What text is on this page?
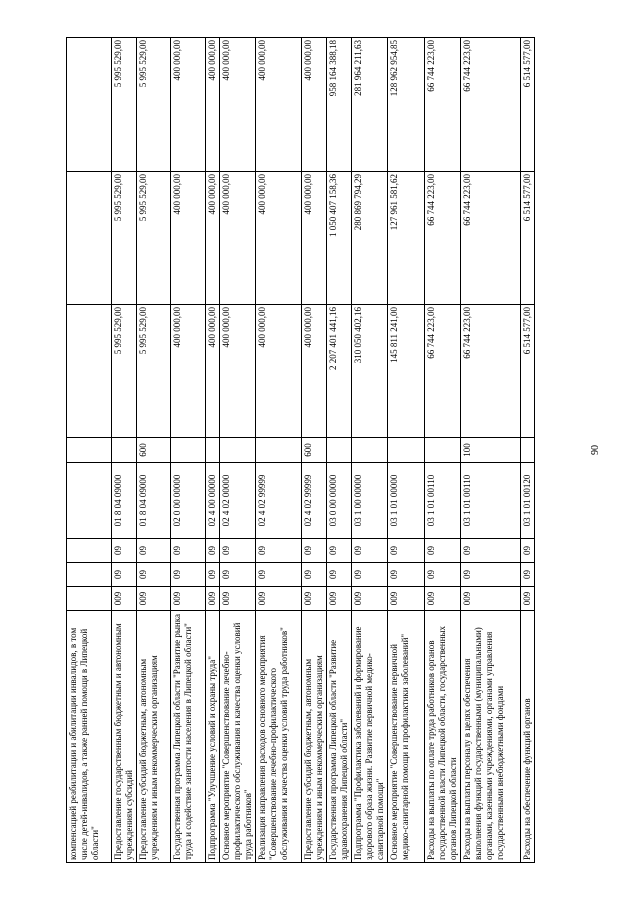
90
компенсацией реабилитации и абилитации инвалидов, в том числе детей-инвалидов, а также ранней помощи в Липецкой области"								
Предоставление государственным бюджетным и автономным учреждениям субсидий	009	09	09	01 8 04 09000		5 995 529,00	5 995 529,00	5 995 529,00
Предоставление субсидий бюджетным, автономным учреждениям и иным некоммерческим организациям	009	09	09	01 8 04 09000	600	5 995 529,00	5 995 529,00	5 995 529,00
Государственная программа Липецкой области "Развитие рынка труда и содействие занятости населения в Липецкой области"	009	09	09	02 0 00 00000		400 000,00	400 000,00	400 000,00
Подпрограмма "Улучшение условий и охраны труда"	009	09	09	02 4 00 00000		400 000,00	400 000,00	400 000,00
Основное мероприятие "Совершенствование лечебно-профилактического обслуживания и качества оценки условий труда работников"	009	09	09	02 4 02 00000		400 000,00	400 000,00	400 000,00
Реализация направления расходов основного мероприятия "Совершенствование лечебно-профилактического обслуживания и качества оценки условий труда работников"	009	09	09	02 4 02 99999		400 000,00	400 000,00	400 000,00
Предоставление субсидий бюджетным, автономным учреждениям и иным некоммерческим организациям	009	09	09	02 4 02 99999	600	400 000,00	400 000,00	400 000,00
Государственная программа Липецкой области "Развитие здравоохранения Липецкой области"	009	09	09	03 0 00 00000		2 207 401 441,16	1 050 407 158,36	958 164 388,18
Подпрограмма "Профилактика заболеваний и формирование здорового образа жизни. Развитие первичной медико-санитарной помощи"	009	09	09	03 1 00 00000		310 050 402,16	280 869 794,29	281 964 211,63
Основное мероприятие "Совершенствование первичной медико-санитарной помощи и профилактики заболеваний"	009	09	09	03 1 01 00000		145 811 241,00	127 961 581,62	128 962 954,85
Расходы на выплаты по оплате труда работников органов государственной власти Липецкой области, государственных органов Липецкой области	009	09	09	03 1 01 00110		66 744 223,00	66 744 223,00	66 744 223,00
Расходы на выплаты персоналу в целях обеспечения выполнения функций государственными (муниципальными) органами, казенными учреждениями, органами управления государственными внебюджетными фондами	009	09	09	03 1 01 00110	100	66 744 223,00	66 744 223,00	66 744 223,00
Расходы на обеспечение функций органов	009	09	09	03 1 01 00120		6 514 577,00	6 514 577,00	6 514 577,00
